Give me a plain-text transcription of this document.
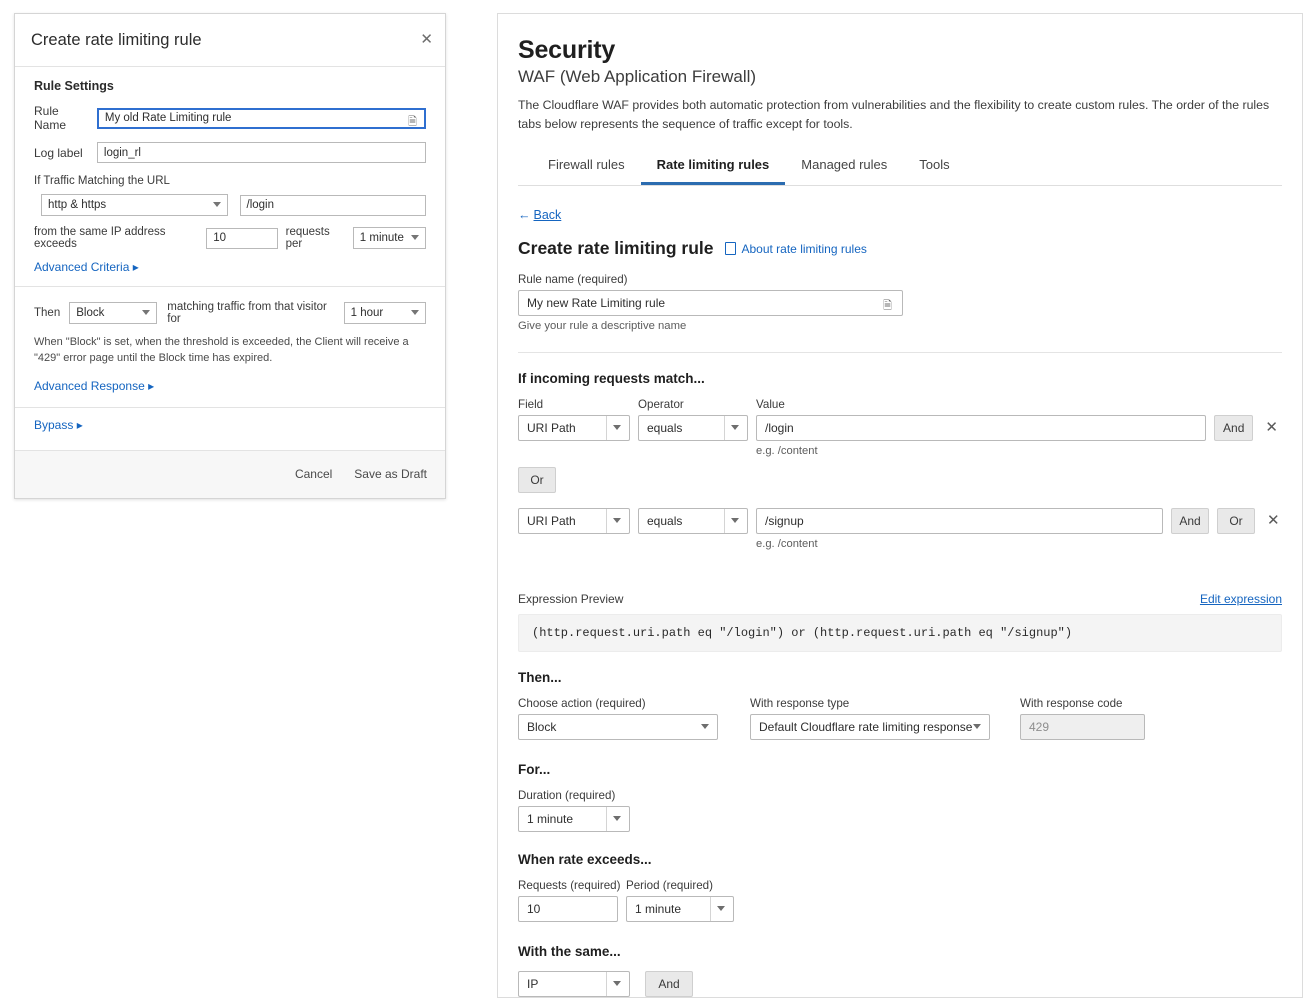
Create rate limiting rule	✕
Rule Settings
Rule Name	My old Rate Limiting rule	🗎
Log label	login_rl
If Traffic Matching the URL
http & https	/login
from the same IP address exceeds	10	requests per	1 minute
Advanced Criteria ▸
Then Block	matching traffic from that visitor for	1 hour
When "Block" is set, when the threshold is exceeded, the Client will receive a "429" error page until the Block time has expired.
Advanced Response ▸
Bypass ▸
Cancel Save as Draft
Security
WAF (Web Application Firewall)
The Cloudflare WAF provides both automatic protection from vulnerabilities and the flexibility to create custom rules. The order of the rules tabs below represents the sequence of traffic except for tools.
Firewall rules	Rate limiting rules	Managed rules	Tools
← Back
Create rate limiting rule About rate limiting rules
Rule name (required)
My new Rate Limiting rule	🗎
Give your rule a descriptive name
If incoming requests match...
Field	Operator	Value
URI Path	equals	/login
e.g. /content
And	✕
Or
URI Path	equals	/signup
e.g. /content
And	Or	✕
Expression Preview	Edit expression
(http.request.uri.path eq "/login") or (http.request.uri.path eq "/signup")
Then...
Choose action (required)
Block
With response type
Default Cloudflare rate limiting response
With response code
429
For...
Duration (required)
1 minute
When rate exceeds...
Requests (required) Period (required)
10	1 minute
With the same...
IP	And
